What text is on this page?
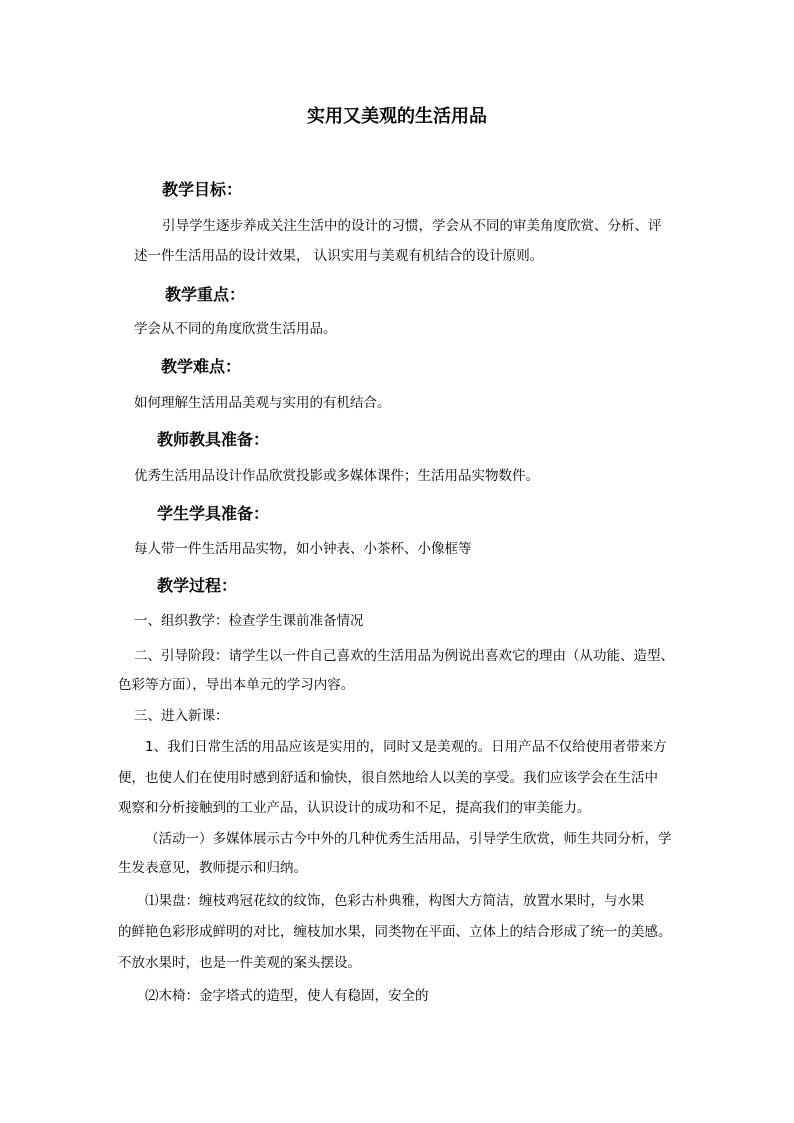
实用又美观的生活用品
教学目标：
引导学生逐步养成关注生活中的设计的习惯，学会从不同的审美角度欣赏、分析、评
述一件生活用品的设计效果， 认识实用与美观有机结合的设计原则。
教学重点：
学会从不同的角度欣赏生活用品。
教学难点：
如何理解生活用品美观与实用的有机结合。
教师教具准备：
优秀生活用品设计作品欣赏投影或多媒体课件；生活用品实物数件。
学生学具准备：
每人带一件生活用品实物，如小钟表、小茶杯、小像框等
教学过程：
一、组织教学：检查学生课前准备情况
二、引导阶段：请学生以一件自己喜欢的生活用品为例说出喜欢它的理由（从功能、造型、
色彩等方面），导出本单元的学习内容。
三、进入新课：
1、我们日常生活的用品应该是实用的，同时又是美观的。日用产品不仅给使用者带来方
便，也使人们在使用时感到舒适和愉快，很自然地给人以美的享受。我们应该学会在生活中
观察和分析接触到的工业产品，认识设计的成功和不足，提高我们的审美能力。
（活动一）多媒体展示古今中外的几种优秀生活用品，引导学生欣赏，师生共同分析，学
生发表意见，教师提示和归纳。
⑴果盘：缠枝鸡冠花纹的纹饰，色彩古朴典雅，构图大方简洁，放置水果时，与水果
的鲜艳色彩形成鲜明的对比，缠枝加水果，同类物在平面、立体上的结合形成了统一的美感。
不放水果时，也是一件美观的案头摆设。
⑵木椅：金字塔式的造型，使人有稳固，安全的
